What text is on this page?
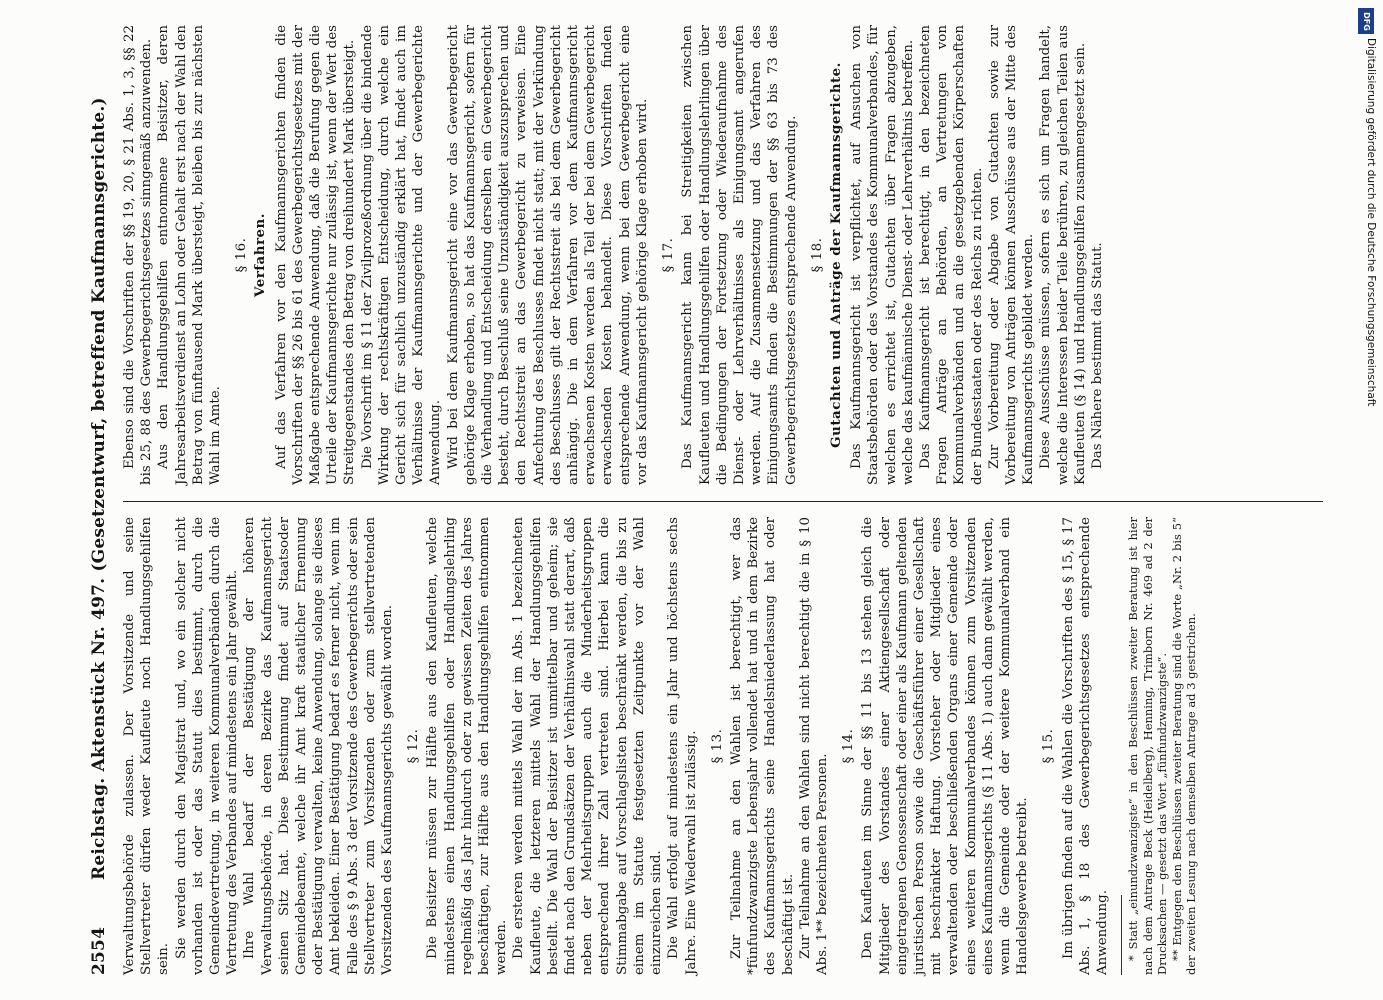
2554
Reichstag. Aktenstück Nr. 497. (Gesetzentwurf, betreffend Kaufmannsgerichte.) Verwaltungsbehörde zulassen. Der Vorsitzende und seine Stellvertreter dürfen weder Kaufleute noch Handlungsgehilfen sein.

Sie werden durch den Magistrat und, wo ein solcher nicht vorhanden ist oder das Statut dies bestimmt, durch die Gemeindevertretung, in weiteren Kommunalverbänden durch die Vertretung des Verbandes auf mindestens ein Jahr gewählt. Ihre Wahl bedarf der Bestätigung der höheren Verwaltungsbehörde, in deren Bezirke das Kaufmannsgericht seinen Sitz hat. Diese Bestimmung findet auf Staatsoder Gemeindebeamte, welche ihr Amt kraft staatlicher Ernennung oder Bestätigung verwalten, keine Anwendung, solange sie dieses Amt bekleiden. Einer Bestätigung bedarf es ferner nicht, wenn im Falle des § 9 Abs. 3 der Vorsitzende des Gewerbegerichts oder sein Stellvertreter zum Vorsitzenden oder zum stellvertretenden Vorsitzenden des Kaufmannsgerichts gewählt worden. § 12. Die Beisitzer müssen zur Hälfte aus den Kaufleuten, welche mindestens einen Handlungsgehilfen oder Handlungslehrling regelmäßig das Jahr hindurch oder zu gewissen Zeiten des Jahres beschäftigen, zur Hälfte aus den Handlungsgehilfen entnommen werden. Die ersteren werden mittels Wahl der im Abs. 1 bezeichneten Kaufleute, die letzteren mittels Wahl der Handlungsgehilfen bestellt. Die Wahl der Beisitzer ist unmittelbar und geheim; sie findet nach den Grundsätzen der Verhältniswahl statt derart, daß neben der Mehrheitsgruppen auch die Minderheitsgruppen entsprechend ihrer Zahl vertreten sind. Hierbei kann die Stimmabgabe auf Vorschlagslisten beschränkt werden, die bis zu einem im Statute festgesetzten Zeitpunkte vor der Wahl einzureichen sind. Die Wahl erfolgt auf mindestens ein Jahr und höchstens sechs Jahre. Eine Wiederwahl ist zulässig. § 13. Zur Teilnahme an den Wahlen ist berechtigt, wer das *fünfundzwanzigste Lebensjahr vollendet hat und in dem Bezirke des Kaufmannsgerichts seine Handelsniederlassung hat oder beschäftigt ist. Zur Teilnahme an den Wahlen sind nicht berechtigt die in § 10 Abs. 1** bezeichneten Personen.

§ 14. Den Kaufleuten im Sinne der §§ 11 bis 13 stehen gleich die Mitglieder des Vorstandes einer Aktiengesellschaft oder eingetragenen Genossenschaft oder einer als Kaufmann geltenden juristischen Person sowie die Geschäftsführer einer Gesellschaft mit beschränkter Haftung. Vorsteher oder Mitglieder eines verwaltenden oder beschließenden Organs einer Gemeinde oder eines weiteren Kommunalverbandes können zum Vorsitzenden eines Kaufmannsgerichts (§ 11 Abs. 1) auch dann gewählt werden, wenn die Gemeinde oder der weitere Kommunalverband ein Handelsgewerbe betreibt.

§ 15. Im übrigen finden auf die Wahlen die Vorschriften des § 15, § 17 Abs. 1, § 18 des Gewerbegerichtsgesetzes entsprechende Anwendung. * Statt „einundzwanzigste“ in den Beschlüssen zweiter Beratung ist hier nach dem Antrage Beck (Heidelberg), Henning, Trimborn Nr. 469 ad 2 der Drucksachen — gesetzt das Wort „fünfundzwanzigste“. ** Entgegen den Beschlüssen zweiter Beratung sind die Worte „Nr. 2 bis 5“ der zweiten Lesung nach demselben Antrage ad 3 gestrichen.

Ebenso sind die Vorschriften der §§ 19, 20, § 21 Abs. 1, 3, §§ 22 bis 25, 88 des Gewerbegerichtsgesetzes sinngemäß anzuwenden. Aus den Handlungsgehilfen entnommene Beisitzer, deren Jahresarbeitsverdienst an Lohn oder Gehalt erst nach der Wahl den Betrag von fünftausend Mark übersteigt, bleiben bis zur nächsten Wahl im Amte.

§ 16. Verfahren. Auf das Verfahren vor den Kaufmannsgerichten finden die Vorschriften der §§ 26 bis 61 des Gewerbegerichtsgesetzes mit der Maßgabe entsprechende Anwendung, daß die Berufung gegen die Urteile der Kaufmannsgerichte nur zulässig ist, wenn der Wert des Streitgegenstandes den Betrag von dreihundert Mark übersteigt. Die Vorschrift im § 11 der Zivilprozeßordnung über die bindende Wirkung der rechtskräftigen Entscheidung, durch welche ein Gericht sich für sachlich unzuständig erklärt hat, findet auch im Verhältnisse der Kaufmannsgerichte und der Gewerbegerichte Anwendung. Wird bei dem Kaufmannsgericht eine vor das Gewerbegericht gehörige Klage erhoben, so hat das Kaufmannsgericht, sofern für die Verhandlung und Entscheidung derselben ein Gewerbegericht besteht, durch Beschluß seine Unzuständigkeit auszusprechen und den Rechtsstreit an das Gewerbegericht zu verweisen. Eine Anfechtung des Beschlusses findet nicht statt; mit der Verkündung des Beschlusses gilt der Rechtsstreit als bei dem Gewerbegericht anhängig. Die in dem Verfahren vor dem Kaufmannsgericht erwachsenen Kosten werden als Teil der bei dem Gewerbegericht erwachsenden Kosten behandelt. Diese Vorschriften finden entsprechende Anwendung, wenn bei dem Gewerbegericht eine vor das Kaufmannsgericht gehörige Klage erhoben wird. § 17. Das Kaufmannsgericht kann bei Streitigkeiten zwischen Kaufleuten und Handlungsgehilfen oder Handlungslehrlingen über die Bedingungen der Fortsetzung oder Wiederaufnahme des Dienst- oder Lehrverhältnisses als Einigungsamt angerufen werden. Auf die Zusammensetzung und das Verfahren des Einigungsamts finden die Bestimmungen der §§ 63 bis 73 des Gewerbegerichtsgesetzes entsprechende Anwendung. § 18. Gutachten und Anträge der Kaufmannsgerichte. Das Kaufmannsgericht ist verpflichtet, auf Ansuchen von Staatsbehörden oder des Vorstandes des Kommunalverbandes, für welchen es errichtet ist, Gutachten über Fragen abzugeben, welche das kaufmännische Dienst- oder Lehrverhältnis betreffen. Das Kaufmannsgericht ist berechtigt, in den bezeichneten Fragen Anträge an Behörden, an Vertretungen von Kommunalverbänden und an die gesetzgebenden Körperschaften der Bundesstaaten oder des Reichs zu richten. Zur Vorbereitung oder Abgabe von Gutachten sowie zur Vorbereitung von Anträgen können Ausschüsse aus der Mitte des Kaufmannsgerichts gebildet werden. Diese Ausschüsse müssen, sofern es sich um Fragen handelt, welche die Interessen beider Teile berühren, zu gleichen Teilen aus Kaufleuten (§ 14) und Handlungsgehilfen zusammengesetzt sein. Das Nähere bestimmt das Statut.

DFG
Digitalisierung gefördert durch die Deutsche Forschungsgemeinschaft
